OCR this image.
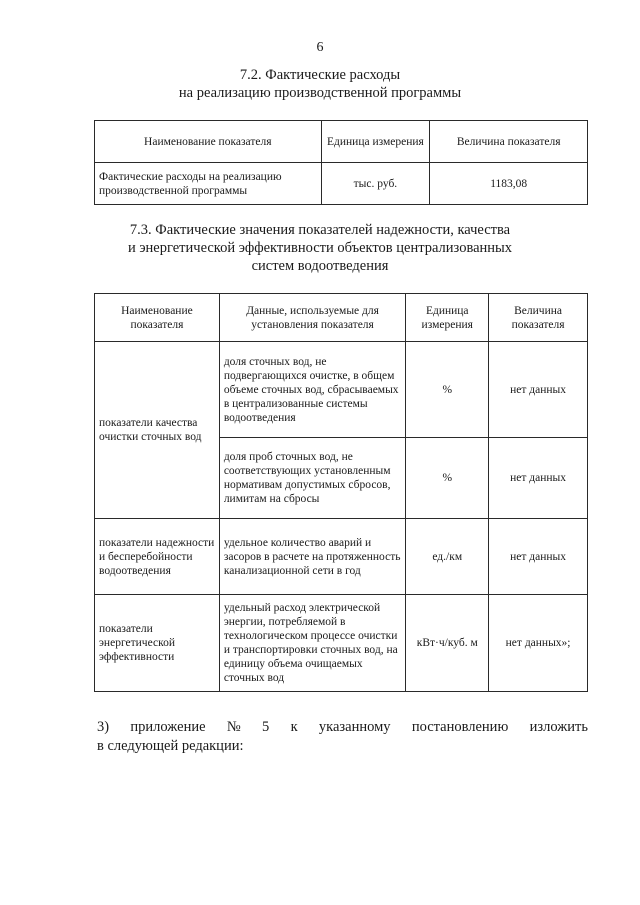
6
7.2. Фактические расходы
на реализацию производственной программы
Наименование показателя	Единица измерения	Величина показателя
Фактические расходы на реализацию производственной программы	тыс. руб.	1183,08
7.3. Фактические значения показателей надежности, качества
и энергетической эффективности объектов централизованных
систем водоотведения
Наименование показателя	Данные, используемые для установления показателя	Единица измерения	Величина показателя
показатели качества очистки сточных вод	доля сточных вод, не подвергающихся очистке, в общем объеме сточных вод, сбрасываемых в централизованные системы водоотведения	%	нет данных
	доля проб сточных вод, не соответствующих установленным нормативам допустимых сбросов, лимитам на сбросы	%	нет данных
показатели надежности и бесперебойности водоотведения	удельное количество аварий и засоров в расчете на протяженность канализационной сети в год	ед./км	нет данных
показатели энергетической эффективности	удельный расход электрической энергии, потребляемой в технологическом процессе очистки и транспортировки сточных вод, на единицу объема очищаемых сточных вод	кВт·ч/куб. м	нет данных»;
3) приложение № 5 к указанному постановлению изложить
в следующей редакции:
